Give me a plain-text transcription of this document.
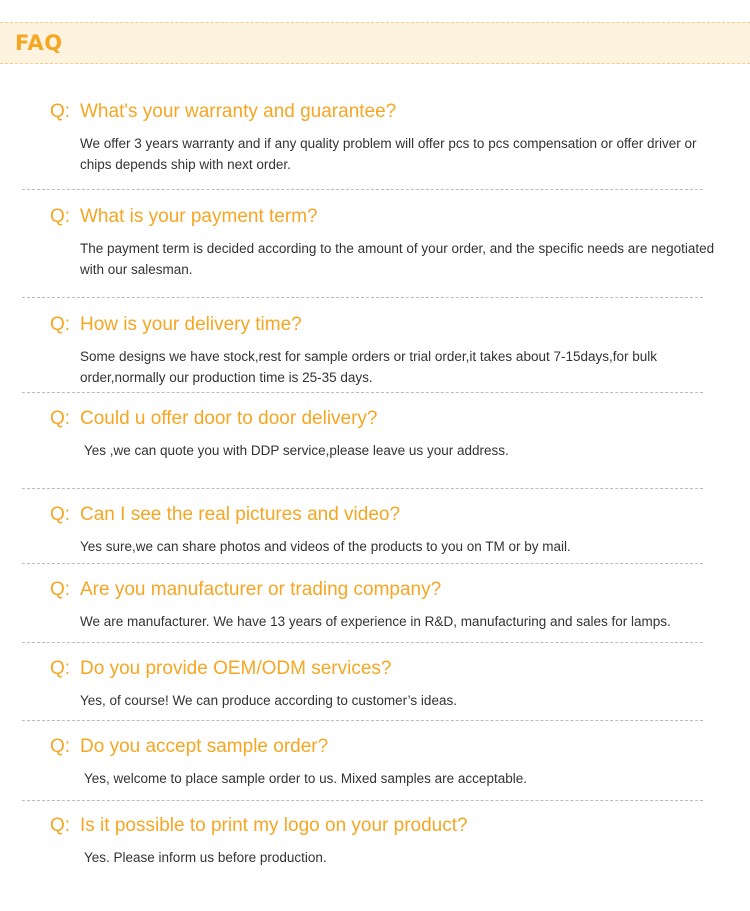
FAQ
Q: What's your warranty and guarantee?
We offer 3 years warranty and if any quality problem will offer pcs to pcs compensation or offer driver or chips depends ship with next order.
Q: What is your payment term?
The payment term is decided according to the amount of your order, and the specific needs are negotiated with our salesman.
Q: How is your delivery time?
Some designs we have stock,rest for sample orders or trial order,it takes about 7-15days,for bulk order,normally our production time is 25-35 days.
Q: Could u offer door to door delivery?
Yes ,we can quote you with DDP service,please leave us your address.
Q: Can I see the real pictures and video?
Yes sure,we can share photos and videos of the products to you on TM or by mail.
Q: Are you manufacturer or trading company?
We are manufacturer. We have 13 years of experience in R&D, manufacturing and sales for lamps.
Q: Do you provide OEM/ODM services?
Yes, of course! We can produce according to customer’s ideas.
Q: Do you accept sample order?
Yes, welcome to place sample order to us. Mixed samples are acceptable.
Q: Is it possible to print my logo on your product?
Yes. Please inform us before production.
